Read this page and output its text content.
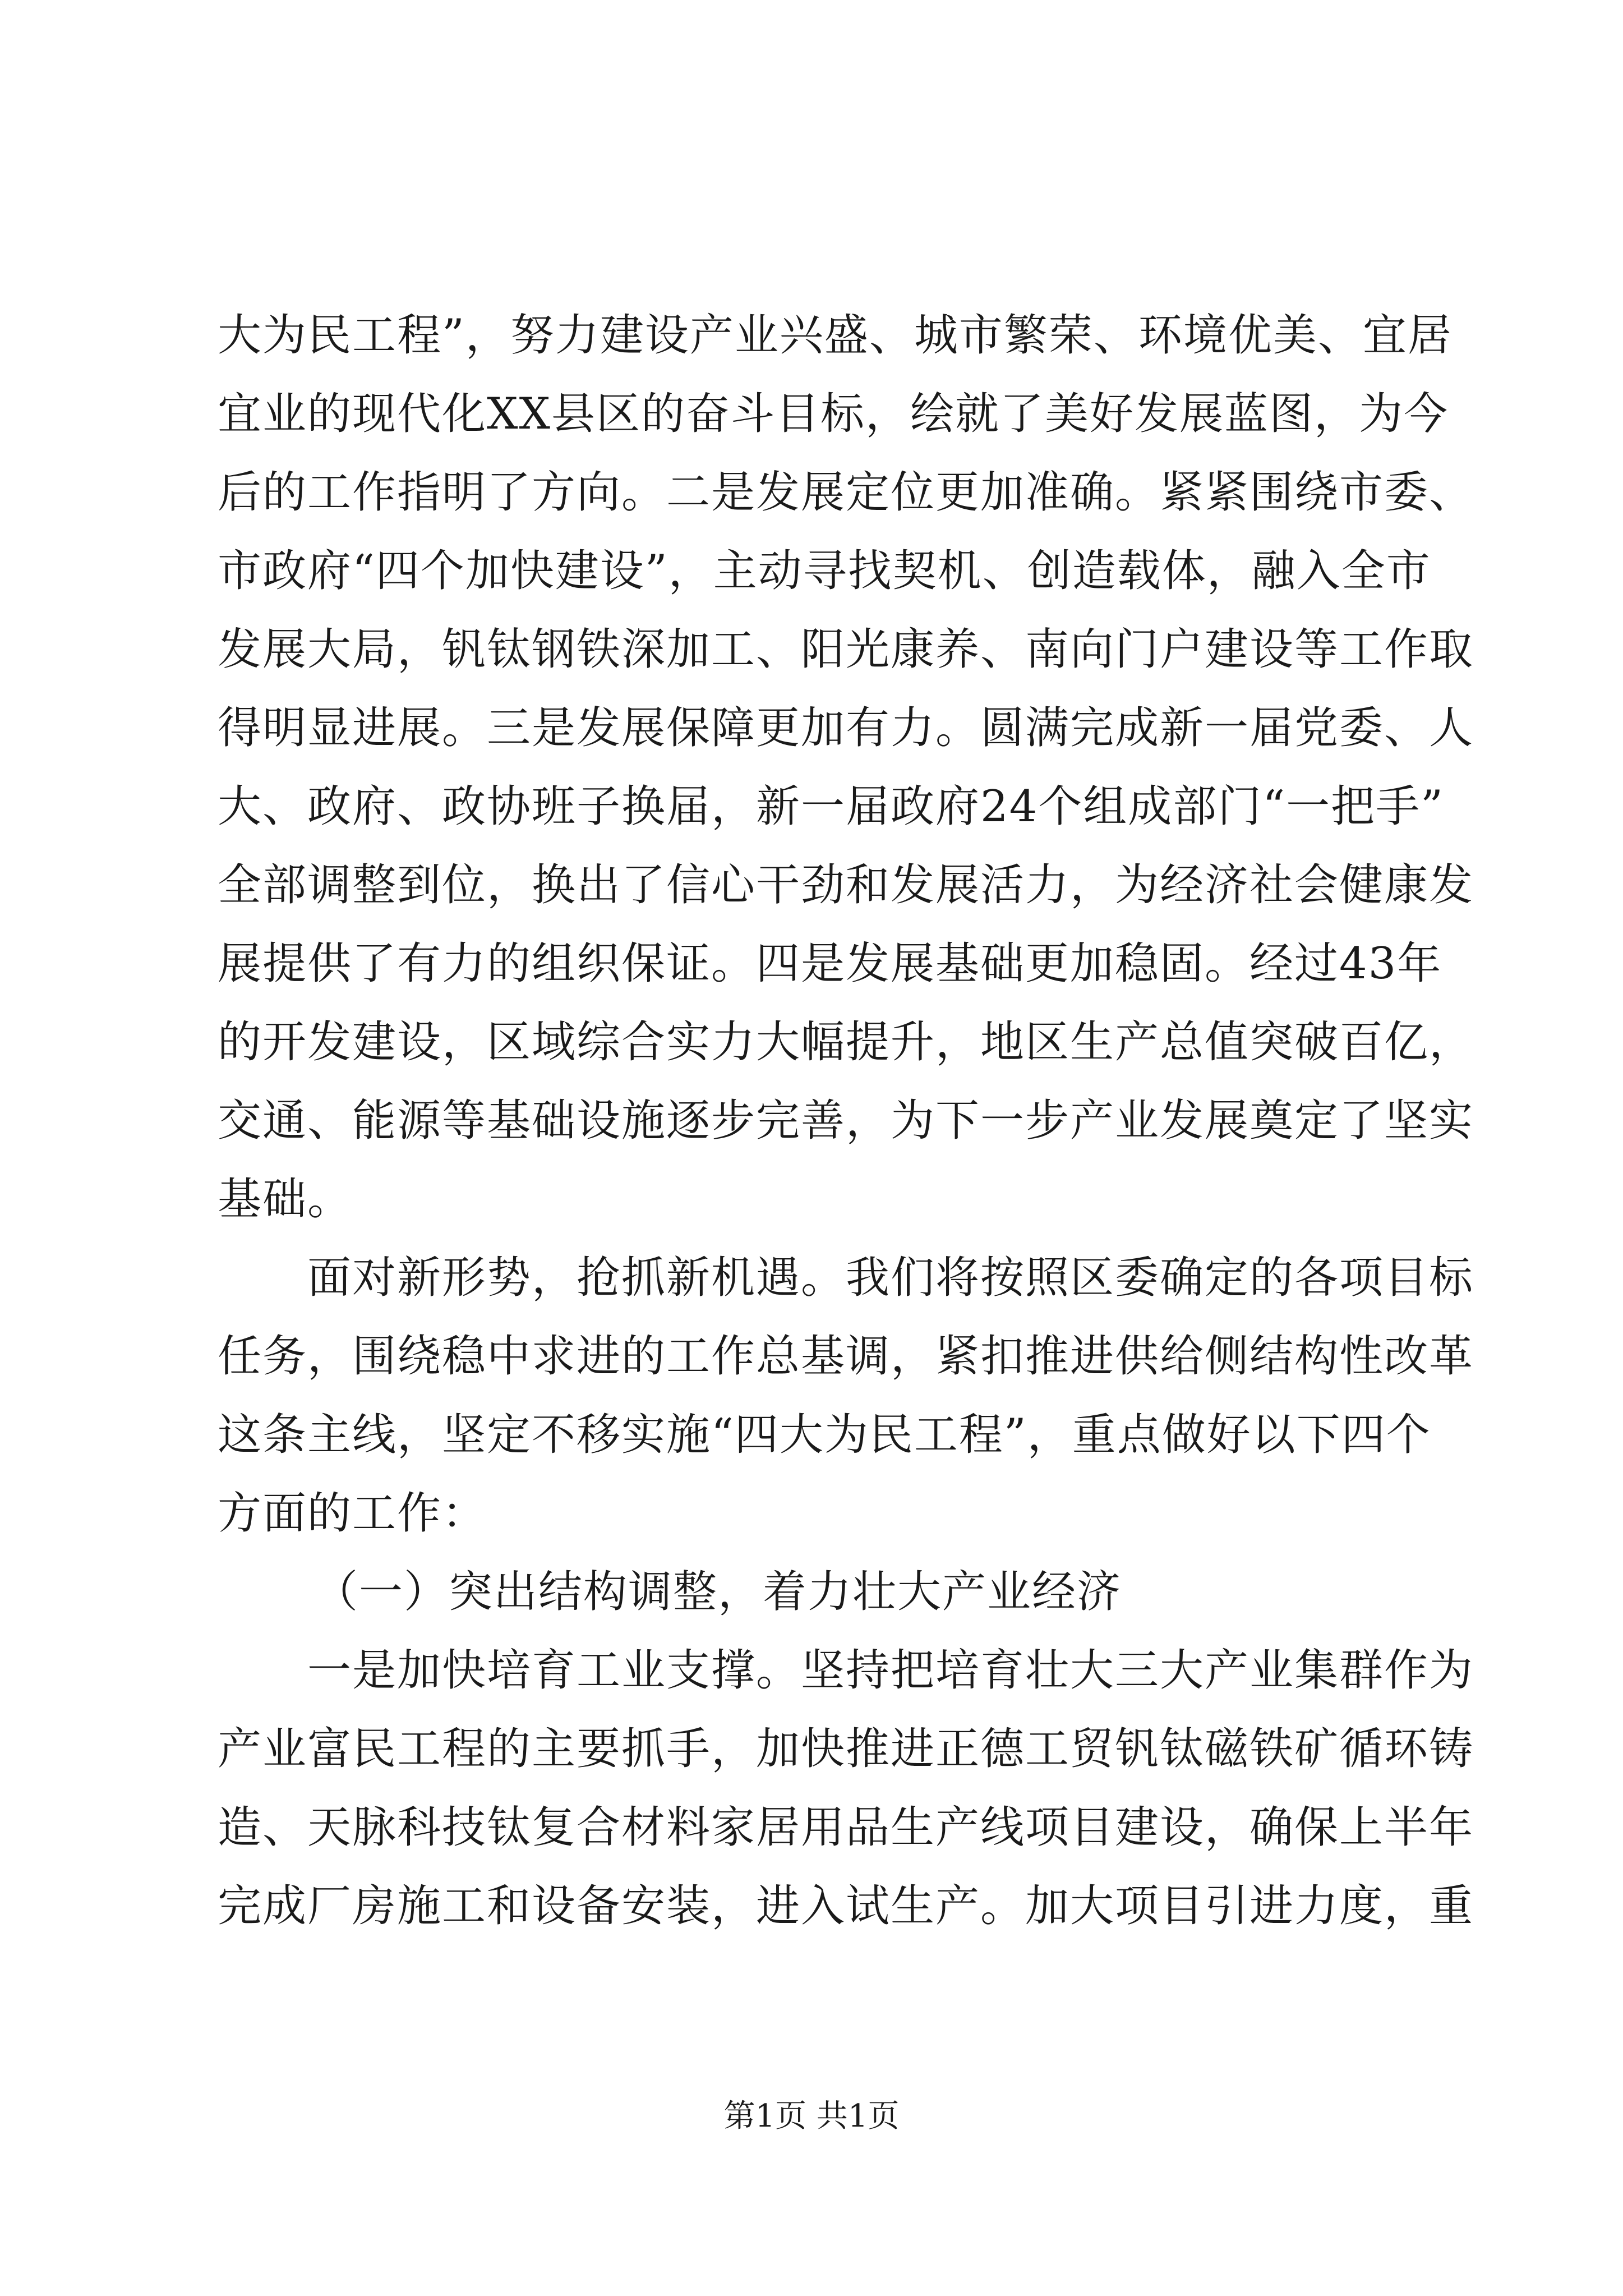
大为民工程”，努力建设产业兴盛、城市繁荣、环境优美、宜居
宜业的现代化XX县区的奋斗目标，绘就了美好发展蓝图，为今
后的工作指明了方向。二是发展定位更加准确。紧紧围绕市委、
市政府“四个加快建设”，主动寻找契机、创造载体，融入全市
发展大局，钒钛钢铁深加工、阳光康养、南向门户建设等工作取
得明显进展。三是发展保障更加有力。圆满完成新一届党委、人
大、政府、政协班子换届，新一届政府24个组成部门“一把手”
全部调整到位，换出了信心干劲和发展活力，为经济社会健康发
展提供了有力的组织保证。四是发展基础更加稳固。经过43年
的开发建设，区域综合实力大幅提升，地区生产总值突破百亿，
交通、能源等基础设施逐步完善，为下一步产业发展奠定了坚实
基础。
面对新形势，抢抓新机遇。我们将按照区委确定的各项目标
任务，围绕稳中求进的工作总基调，紧扣推进供给侧结构性改革
这条主线，坚定不移实施“四大为民工程”，重点做好以下四个
方面的工作：
（一）突出结构调整，着力壮大产业经济
一是加快培育工业支撑。坚持把培育壮大三大产业集群作为
产业富民工程的主要抓手，加快推进正德工贸钒钛磁铁矿循环铸
造、天脉科技钛复合材料家居用品生产线项目建设，确保上半年
完成厂房施工和设备安装，进入试生产。加大项目引进力度，重
第1页 共1页
